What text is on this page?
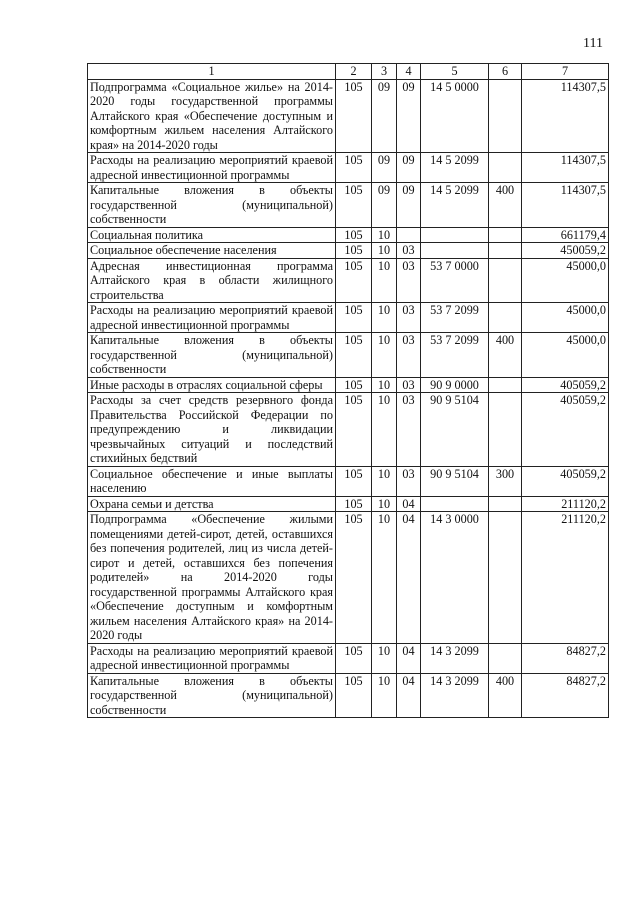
111
1	2	3	4	5	6	7
Подпрограмма «Социальное жилье» на 2014-2020 годы государственной программы Алтайского края «Обеспечение доступным и комфортным жильем населения Алтайского края» на 2014-2020 годы	105	09	09	14 5 0000		114307,5
Расходы на реализацию мероприятий краевой адресной инвестиционной программы	105	09	09	14 5 2099		114307,5
Капитальные вложения в объекты государственной (муниципальной) собственности	105	09	09	14 5 2099	400	114307,5
Социальная политика	105	10				661179,4
Социальное обеспечение населения	105	10	03			450059,2
Адресная инвестиционная программа Алтайского края в области жилищного строительства	105	10	03	53 7 0000		45000,0
Расходы на реализацию мероприятий краевой адресной инвестиционной программы	105	10	03	53 7 2099		45000,0
Капитальные вложения в объекты государственной (муниципальной) собственности	105	10	03	53 7 2099	400	45000,0
Иные расходы в отраслях социальной сферы	105	10	03	90 9 0000		405059,2
Расходы за счет средств резервного фонда Правительства Российской Федерации по предупреждению и ликвидации чрезвычайных ситуаций и последствий стихийных бедствий	105	10	03	90 9 5104		405059,2
Социальное обеспечение и иные выплаты населению	105	10	03	90 9 5104	300	405059,2
Охрана семьи и детства	105	10	04			211120,2
Подпрограмма «Обеспечение жилыми помещениями детей-сирот, детей, оставшихся без попечения родителей, лиц из числа детей-сирот и детей, оставшихся без попечения родителей» на 2014-2020 годы государственной программы Алтайского края «Обеспечение доступным и комфортным жильем населения Алтайского края» на 2014-2020 годы	105	10	04	14 3 0000		211120,2
Расходы на реализацию мероприятий краевой адресной инвестиционной программы	105	10	04	14 3 2099		84827,2
Капитальные вложения в объекты государственной (муниципальной) собственности	105	10	04	14 3 2099	400	84827,2
